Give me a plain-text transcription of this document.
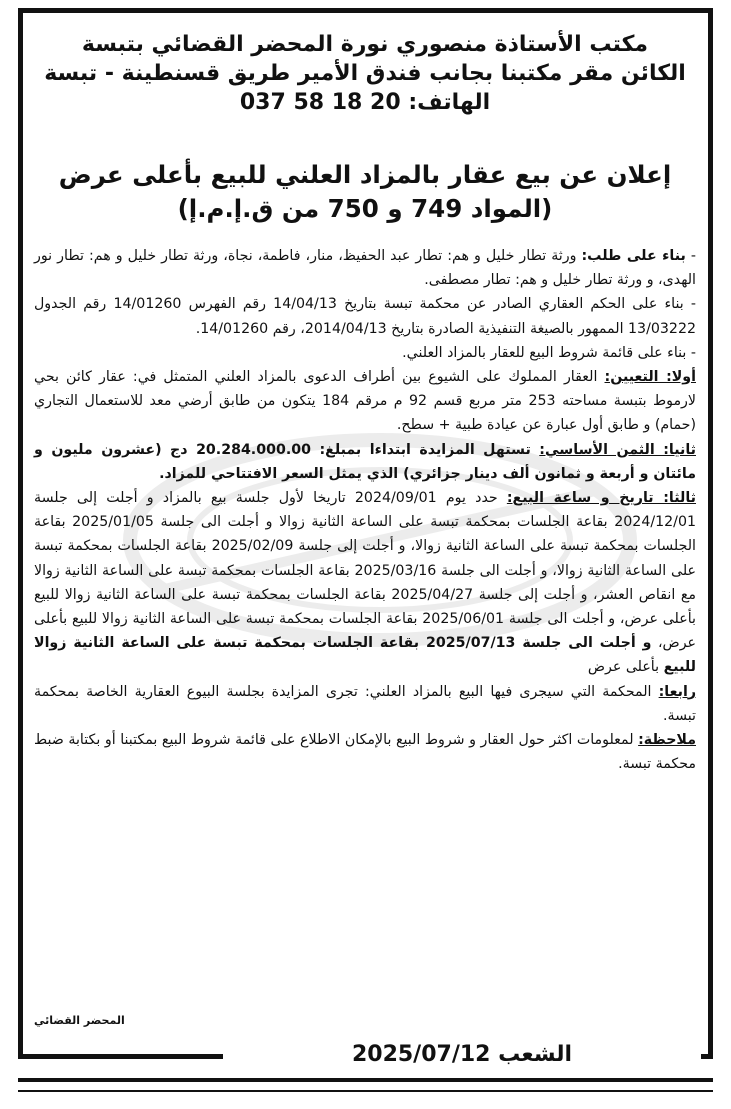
مكتب الأستاذة منصوري نورة المحضر القضائي بتبسة
الكائن مقر مكتبنا بجانب فندق الأمير طريق قسنطينة - تبسة
الهاتف: 20 18 58 037
إعلان عن بيع عقار بالمزاد العلني للبيع بأعلى عرض
(المواد 749 و 750 من ق.إ.م.إ)

- بناء على طلب: ورثة تطار خليل و هم: تطار عبد الحفيظ، منار، فاطمة، نجاة، ورثة تطار خليل و هم: تطار نور الهدى، و ورثة تطار خليل و هم: تطار مصطفى.

- بناء على الحكم العقاري الصادر عن محكمة تبسة بتاريخ 14/04/13 رقم الفهرس 14/01260 رقم الجدول 13/03222 الممهور بالصيغة التنفيذية الصادرة بتاريخ 2014/04/13، رقم 14/01260.

- بناء على قائمة شروط البيع للعقار بالمزاد العلني.

أولا: التعيين: العقار المملوك على الشيوع بين أطراف الدعوى بالمزاد العلني المتمثل في: عقار كائن بحي لارموط بتبسة مساحته 253 متر مربع قسم 92 م مرقم 184 يتكون من طابق أرضي معد للاستعمال التجاري (حمام) و طابق أول عبارة عن عيادة طبية + سطح.

ثانيا: الثمن الأساسي: تستهل المزايدة ابتداءا بمبلغ: 20.284.000.00 دج (عشرون مليون و مائتان و أربعة و ثمانون ألف دينار جزائري) الذي يمثل السعر الافتتاحي للمزاد.

ثالثا: تاريخ و ساعة البيع: حدد يوم 2024/09/01 تاريخا لأول جلسة بيع بالمزاد و أجلت إلى جلسة 2024/12/01 بقاعة الجلسات بمحكمة تبسة على الساعة الثانية زوالا و أجلت الى جلسة 2025/01/05 بقاعة الجلسات بمحكمة تبسة على الساعة الثانية زوالا، و أجلت إلى جلسة 2025/02/09 بقاعة الجلسات بمحكمة تبسة على الساعة الثانية زوالا، و أجلت الى جلسة 2025/03/16 بقاعة الجلسات بمحكمة تبسة على الساعة الثانية زوالا مع انقاص العشر، و أجلت إلى جلسة 2025/04/27 بقاعة الجلسات بمحكمة تبسة على الساعة الثانية زوالا للبيع بأعلى عرض، و أجلت الى جلسة 2025/06/01 بقاعة الجلسات بمحكمة تبسة على الساعة الثانية زوالا للبيع بأعلى عرض، و أجلت الى جلسة 2025/07/13 بقاعة الجلسات بمحكمة تبسة على الساعة الثانية زوالا للبيع بأعلى عرض

رابعا: المحكمة التي سيجرى فيها البيع بالمزاد العلني: تجرى المزايدة بجلسة البيوع العقارية الخاصة بمحكمة تبسة.

ملاحظة: لمعلومات اكثر حول العقار و شروط البيع بالإمكان الاطلاع على قائمة شروط البيع بمكتبنا أو بكتابة ضبط محكمة تبسة.

المحضر القضائي
الشعب 2025/07/12
